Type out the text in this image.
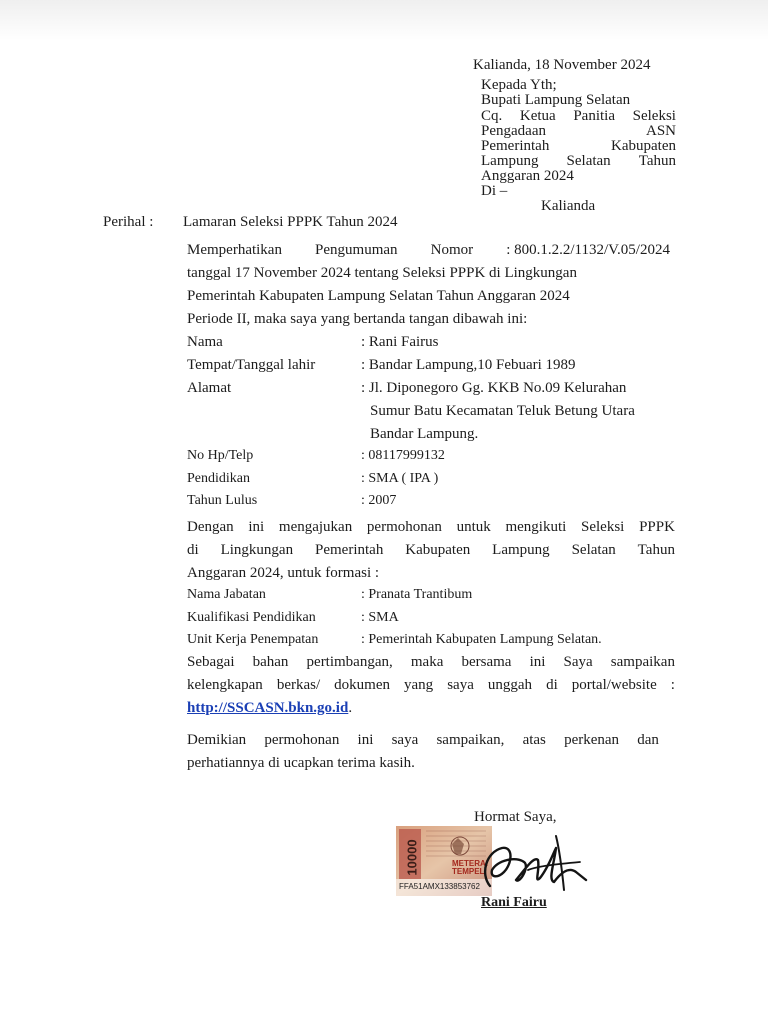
Kalianda, 18 November 2024
Kepada Yth;
Bupati Lampung Selatan
Cq. Ketua Panitia Seleksi
Pengadaan	ASN
Pemerintah	Kabupaten
Lampung Selatan Tahun
Anggaran 2024
Di –
Kalianda
Perihal : Lamaran Seleksi PPPK Tahun 2024
Memperhatikan Pengumuman Nomor : 800.1.2.2/1132/V.05/2024
tanggal 17 November 2024 tentang Seleksi PPPK di Lingkungan
Pemerintah Kabupaten Lampung Selatan Tahun Anggaran 2024
Periode II, maka saya yang bertanda tangan dibawah ini:
Nama	: Rani Fairus
Tempat/Tanggal lahir	: Bandar Lampung,10 Febuari 1989
Alamat	: Jl. Diponegoro Gg. KKB No.09 Kelurahan
Sumur Batu Kecamatan Teluk Betung Utara
Bandar Lampung.
No Hp/Telp	: 08117999132
Pendidikan	: SMA ( IPA )
Tahun Lulus	: 2007
Dengan ini mengajukan permohonan untuk mengikuti Seleksi PPPK
di Lingkungan Pemerintah Kabupaten Lampung Selatan Tahun
Anggaran 2024, untuk formasi :
Nama Jabatan	: Pranata Trantibum
Kualifikasi Pendidikan	: SMA
Unit Kerja Penempatan	: Pemerintah Kabupaten Lampung Selatan.
Sebagai bahan pertimbangan, maka bersama ini Saya sampaikan
kelengkapan berkas/ dokumen yang saya unggah di portal/website :
http://SSCASN.bkn.go.id.
Demikian permohonan ini saya sampaikan, atas perkenan dan
perhatiannya di ucapkan terima kasih.
Hormat Saya,
10000	METERAI TEMPEL
FFA51AMX133853762
Rani Fairu
